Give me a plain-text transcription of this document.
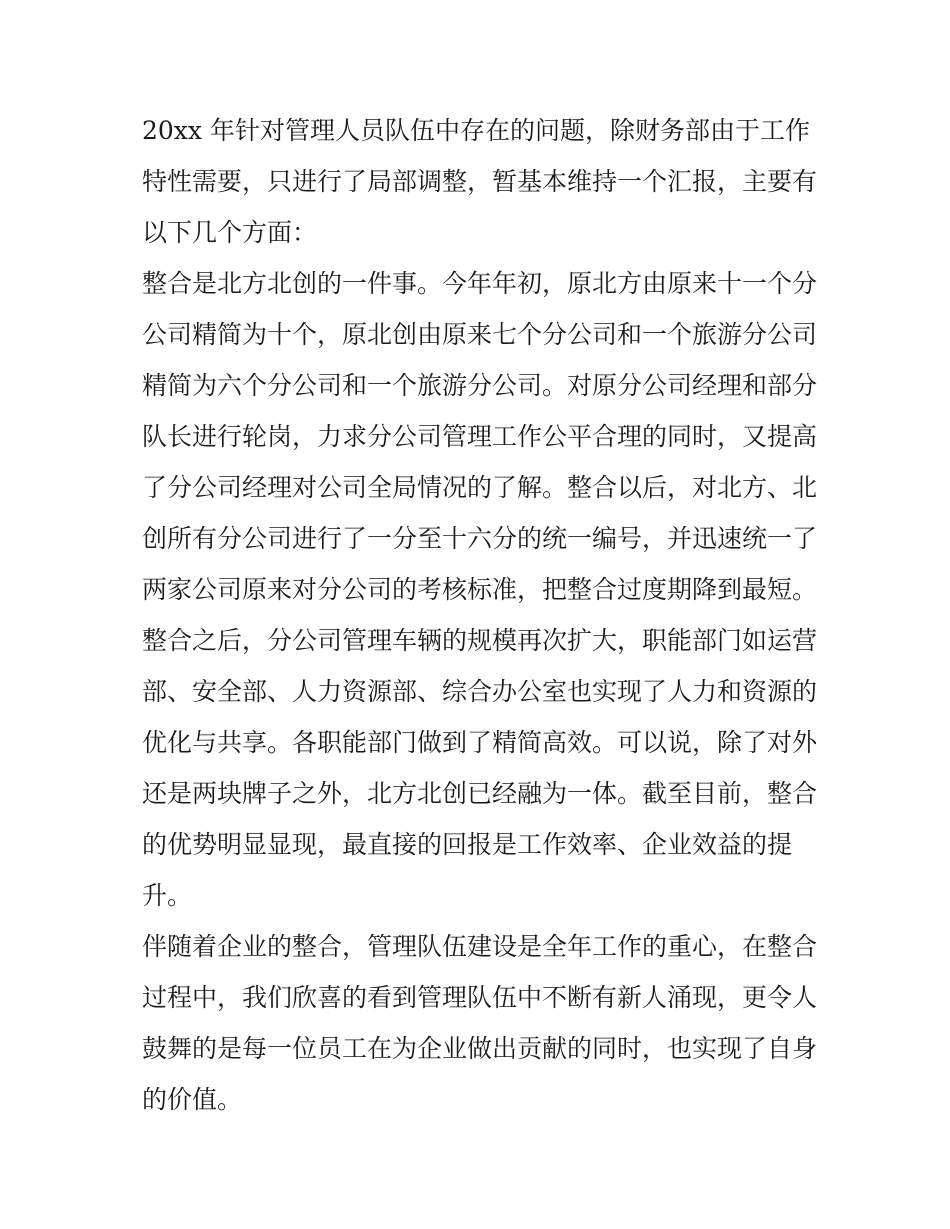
20xx 年针对管理人员队伍中存在的问题，除财务部由于工作
特性需要，只进行了局部调整，暂基本维持一个汇报，主要有
以下几个方面：
整合是北方北创的一件事。今年年初，原北方由原来十一个分
公司精简为十个，原北创由原来七个分公司和一个旅游分公司
精简为六个分公司和一个旅游分公司。对原分公司经理和部分
队长进行轮岗，力求分公司管理工作公平合理的同时，又提高
了分公司经理对公司全局情况的了解。整合以后，对北方、北
创所有分公司进行了一分至十六分的统一编号，并迅速统一了
两家公司原来对分公司的考核标准，把整合过度期降到最短。
整合之后，分公司管理车辆的规模再次扩大，职能部门如运营
部、安全部、人力资源部、综合办公室也实现了人力和资源的
优化与共享。各职能部门做到了精简高效。可以说，除了对外
还是两块牌子之外，北方北创已经融为一体。截至目前，整合
的优势明显显现，最直接的回报是工作效率、企业效益的提
升。
伴随着企业的整合，管理队伍建设是全年工作的重心，在整合
过程中，我们欣喜的看到管理队伍中不断有新人涌现，更令人
鼓舞的是每一位员工在为企业做出贡献的同时，也实现了自身
的价值。
